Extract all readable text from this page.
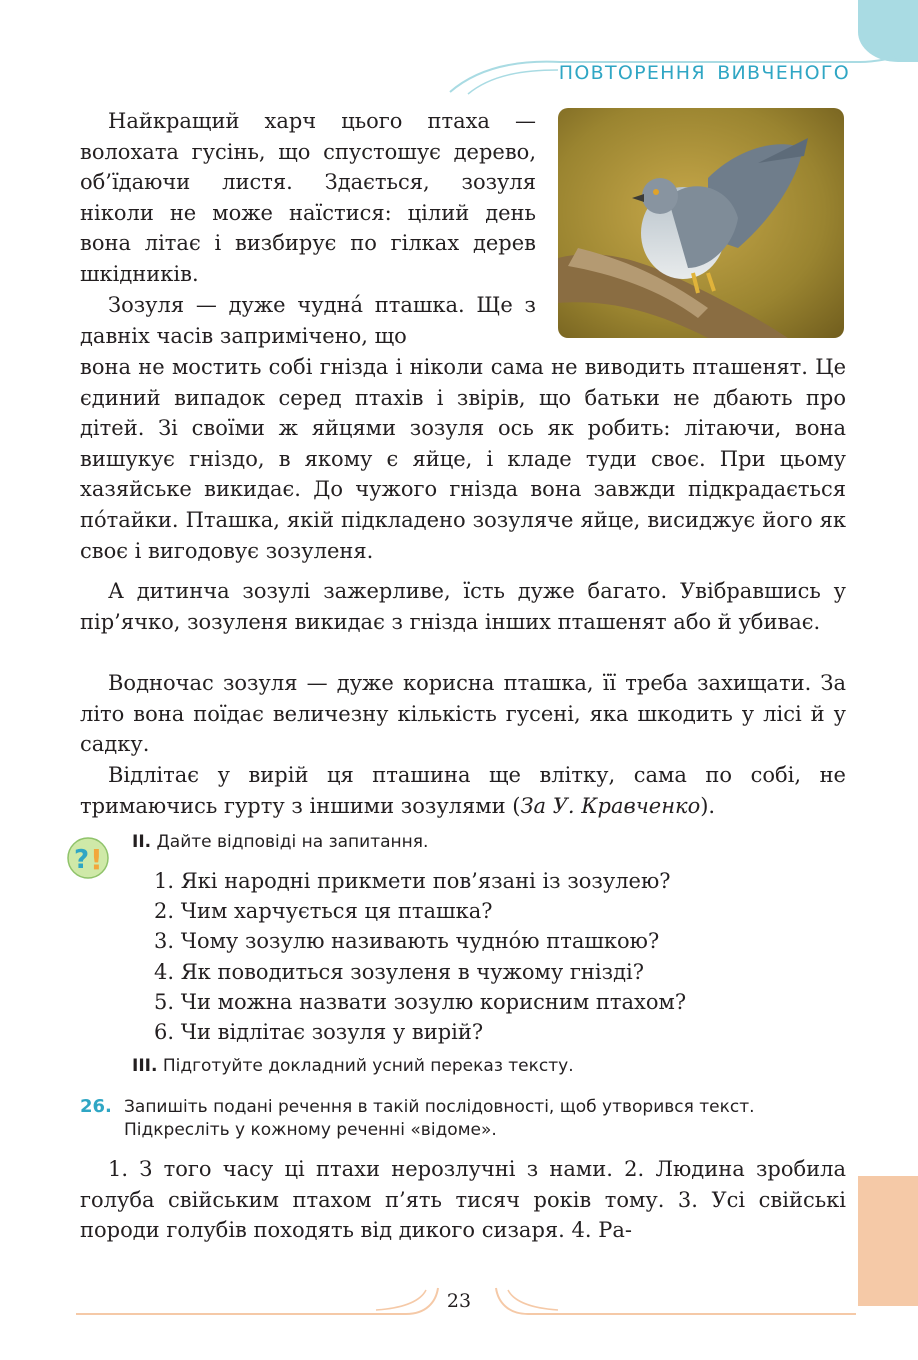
ПОВТОРЕННЯ ВИВЧЕНОГО
Найкращий харч цього птаха — волохата гусінь, що спустошує дерево, об’їдаючи листя. Здається, зозуля ніколи не може наїстися: цілий день вона літає і визбирує по гілках дерев шкідників.
Зозуля — дуже чудна́ пташка. Ще з давніх часів запримічено, що
вона не мостить собі гнізда і ніколи сама не виводить пташенят. Це єдиний випадок серед птахів і звірів, що батьки не дбають про дітей. Зі своїми ж яйцями зозуля ось як робить: літаючи, вона вишукує гніздо, в якому є яйце, і кладе туди своє. При цьому хазяйське викидає. До чужого гнізда вона завжди підкрадається по́тайки. Пташка, якій підкладено зозуляче яйце, висиджує його як своє і вигодовує зозуленя.
А дитинча зозулі зажерливе, їсть дуже багато. Увібравшись у пір’ячко, зозуленя викидає з гнізда інших пташенят або й убиває.
Водночас зозуля — дуже корисна пташка, її треба захищати. За літо вона поїдає величезну кількість гусені, яка шкодить у лісі й у садку.
Відлітає у вирій ця пташина ще влітку, сама по собі, не тримаючись гурту з іншими зозулями (За У. Кравченко).
? !
II. Дайте відповіді на запитання.
1. Які народні прикмети пов’язані із зозулею?
2. Чим харчується ця пташка?
3. Чому зозулю називають чудно́ю пташкою?
4. Як поводиться зозуленя в чужому гнізді?
5. Чи можна назвати зозулю корисним птахом?
6. Чи відлітає зозуля у вирій?
III. Підготуйте докладний усний переказ тексту.
26. Запишіть подані речення в такій послідовності, щоб утворився текст. Підкресліть у кожному реченні «відоме».
1. З того часу ці птахи нерозлучні з нами. 2. Людина зробила голуба свійським птахом п’ять тисяч років тому. 3. Усі свійські породи голубів походять від дикого сизаря. 4. Ра-
23
